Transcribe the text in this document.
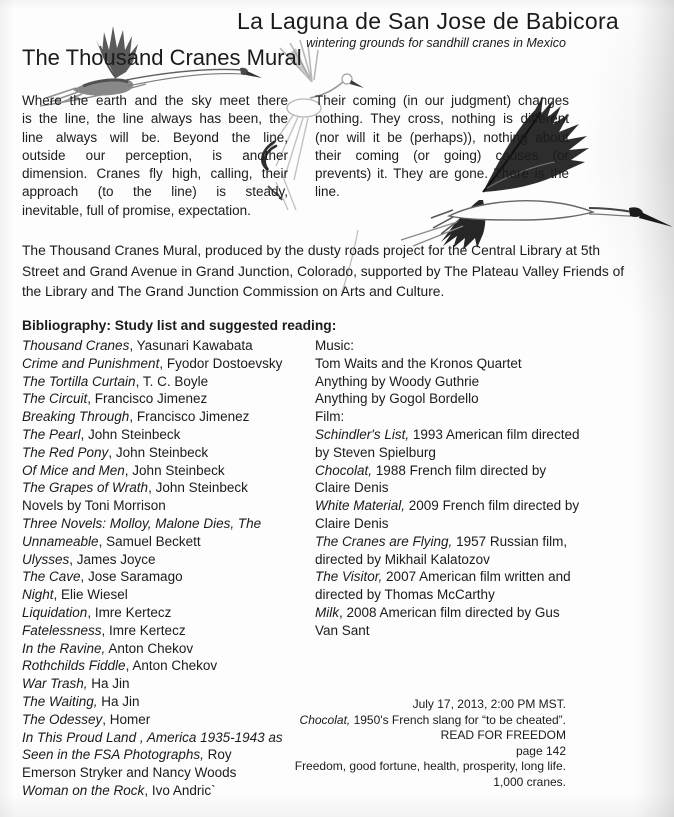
La Laguna de San Jose de Babicora
wintering grounds for sandhill cranes in Mexico
The Thousand Cranes Mural
Where the earth and the sky meet there
is the line, the line always has been, the
line always will be. Beyond the line,
outside our perception, is another
dimension. Cranes fly high, calling, their
approach (to the line) is steady,
inevitable, full of promise, expectation.
Their coming (in our judgment) changes
nothing. They cross, nothing is different
(nor will it be (perhaps)), nothing about
their coming (or going) causes (or
prevents) it. They are gone. There is the
line.
The Thousand Cranes Mural, produced by the dusty roads project for the Central Library at 5th
Street and Grand Avenue in Grand Junction, Colorado, supported by The Plateau Valley Friends of
the Library and The Grand Junction Commission on Arts and Culture.
Bibliography: Study list and suggested reading:
Thousand Cranes, Yasunari Kawabata
Crime and Punishment, Fyodor Dostoevsky
The Tortilla Curtain, T. C. Boyle
The Circuit, Francisco Jimenez
Breaking Through, Francisco Jimenez
The Pearl, John Steinbeck
The Red Pony, John Steinbeck
Of Mice and Men, John Steinbeck
The Grapes of Wrath, John Steinbeck
Novels by Toni Morrison
Three Novels: Molloy, Malone Dies, The
Unnameable, Samuel Beckett
Ulysses, James Joyce
The Cave, Jose Saramago
Night, Elie Wiesel
Liquidation, Imre Kertecz
Fatelessness, Imre Kertecz
In the Ravine, Anton Chekov
Rothchilds Fiddle, Anton Chekov
War Trash, Ha Jin
The Waiting, Ha Jin
The Odessey, Homer
In This Proud Land , America 1935-1943 as
Seen in the FSA Photographs, Roy
Emerson Stryker and Nancy Woods
Woman on the Rock, Ivo Andric`
Music:
Tom Waits and the Kronos Quartet
Anything by Woody Guthrie
Anything by Gogol Bordello
Film:
Schindler's List, 1993 American film directed
by Steven Spielburg
Chocolat, 1988 French film directed by
Claire Denis
White Material, 2009 French film directed by
Claire Denis
The Cranes are Flying, 1957 Russian film,
directed by Mikhail Kalatozov
The Visitor, 2007 American film written and
directed by Thomas McCarthy
Milk, 2008 American film directed by Gus
Van Sant
July 17, 2013, 2:00 PM MST.
Chocolat, 1950's French slang for “to be cheated”.
READ FOR FREEDOM
page 142
Freedom, good fortune, health, prosperity, long life.
1,000 cranes.
